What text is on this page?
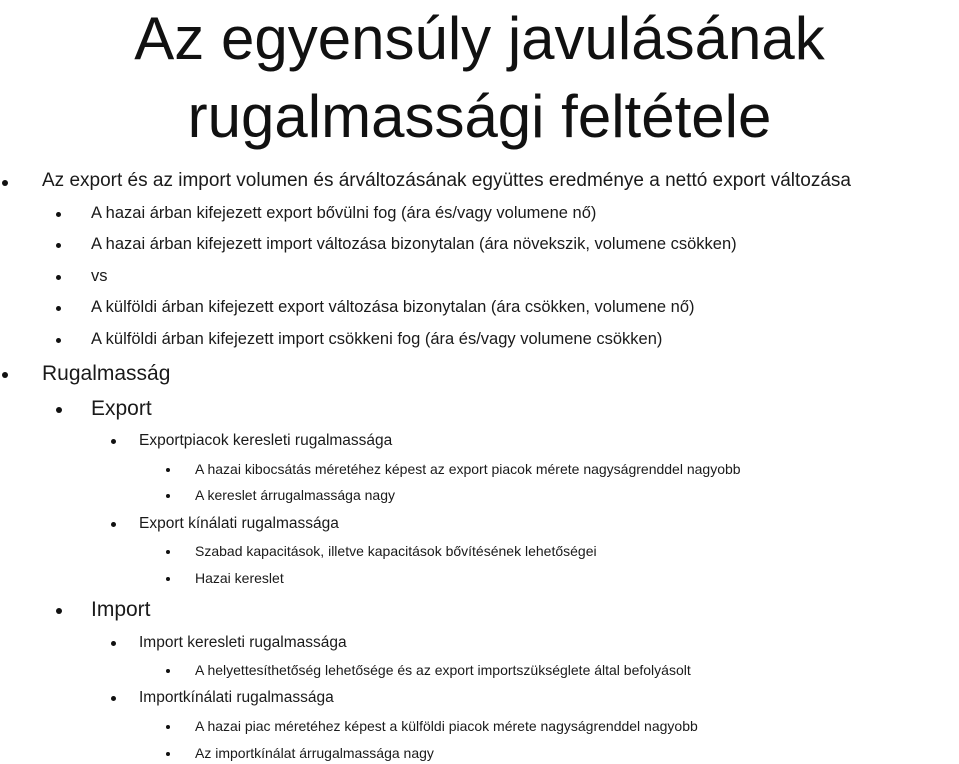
Az egyensúly javulásának
rugalmassági feltétele
Az export és az import volumen és árváltozásának együttes eredménye a nettó export változása
A hazai árban kifejezett export bővülni fog (ára és/vagy volumene nő)
A hazai árban kifejezett import változása bizonytalan (ára növekszik, volumene csökken)
vs
A külföldi árban kifejezett export változása bizonytalan (ára csökken, volumene nő)
A külföldi árban kifejezett import csökkeni fog (ára és/vagy volumene csökken)
Rugalmasság
Export
Exportpiacok keresleti rugalmassága
A hazai kibocsátás méretéhez képest az export piacok mérete nagyságrenddel nagyobb
A kereslet árrugalmassága nagy
Export kínálati rugalmassága
Szabad kapacitások, illetve kapacitások bővítésének lehetőségei
Hazai kereslet
Import
Import keresleti rugalmassága
A helyettesíthetőség lehetősége és az export importszükséglete által befolyásolt
Importkínálati rugalmassága
A hazai piac méretéhez képest a külföldi piacok mérete nagyságrenddel nagyobb
Az importkínálat árrugalmassága nagy
